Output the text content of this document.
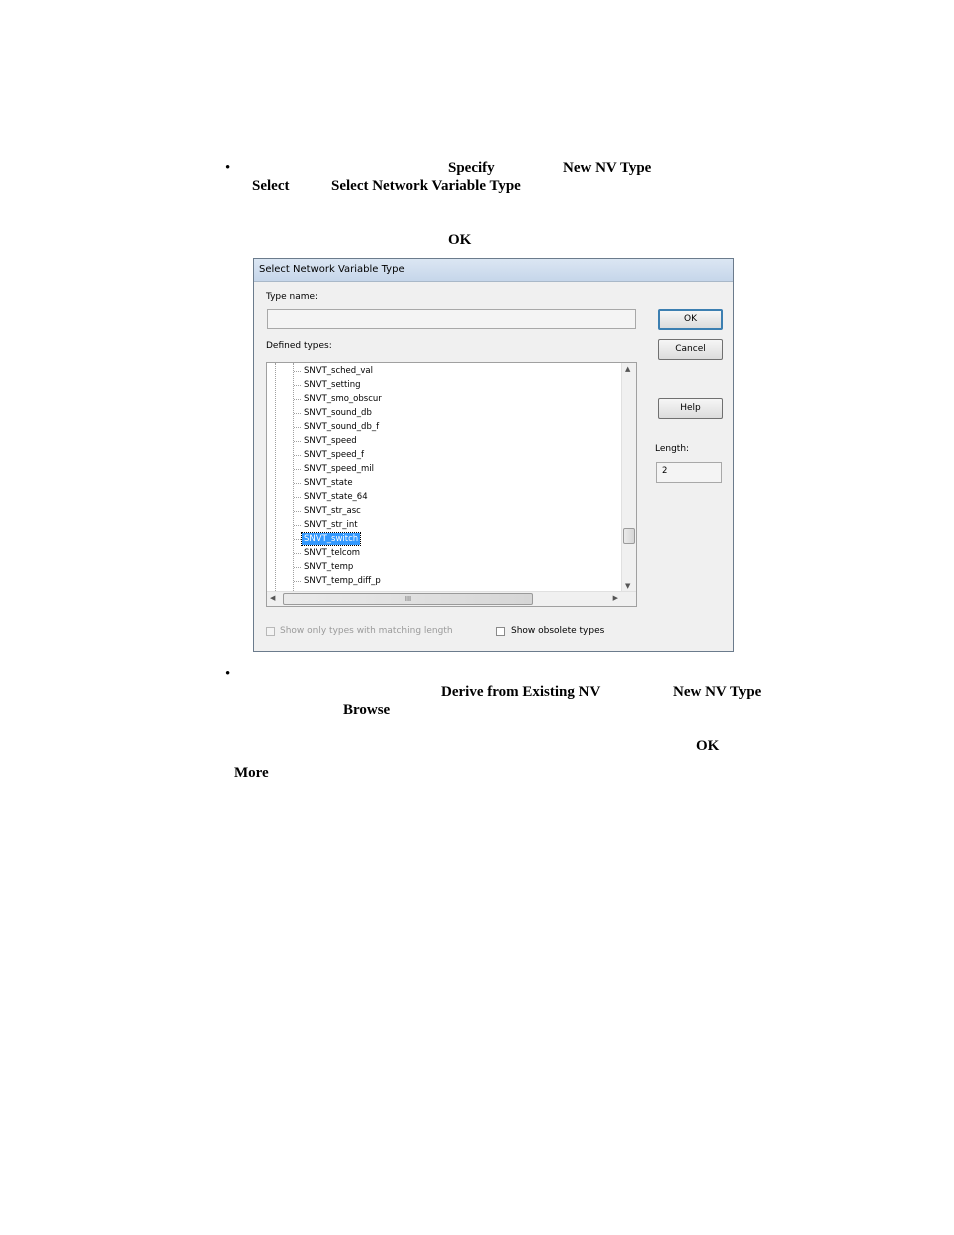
•	Specify	New NV Type
Select	Select Network Variable Type
OK
Select Network Variable Type
Type name:
Defined types:
OK
Cancel
Help
Length:
2
SNVT_sched_val
SNVT_setting
SNVT_smo_obscur
SNVT_sound_db
SNVT_sound_db_f
SNVT_speed
SNVT_speed_f
SNVT_speed_mil
SNVT_state
SNVT_state_64
SNVT_str_asc
SNVT_str_int
SNVT_switch
SNVT_telcom
SNVT_temp
SNVT_temp_diff_p
▲
▼
◀	III	▶
Show only types with matching length	Show obsolete types
•
Derive from Existing NV	New NV Type
Browse
OK
More
